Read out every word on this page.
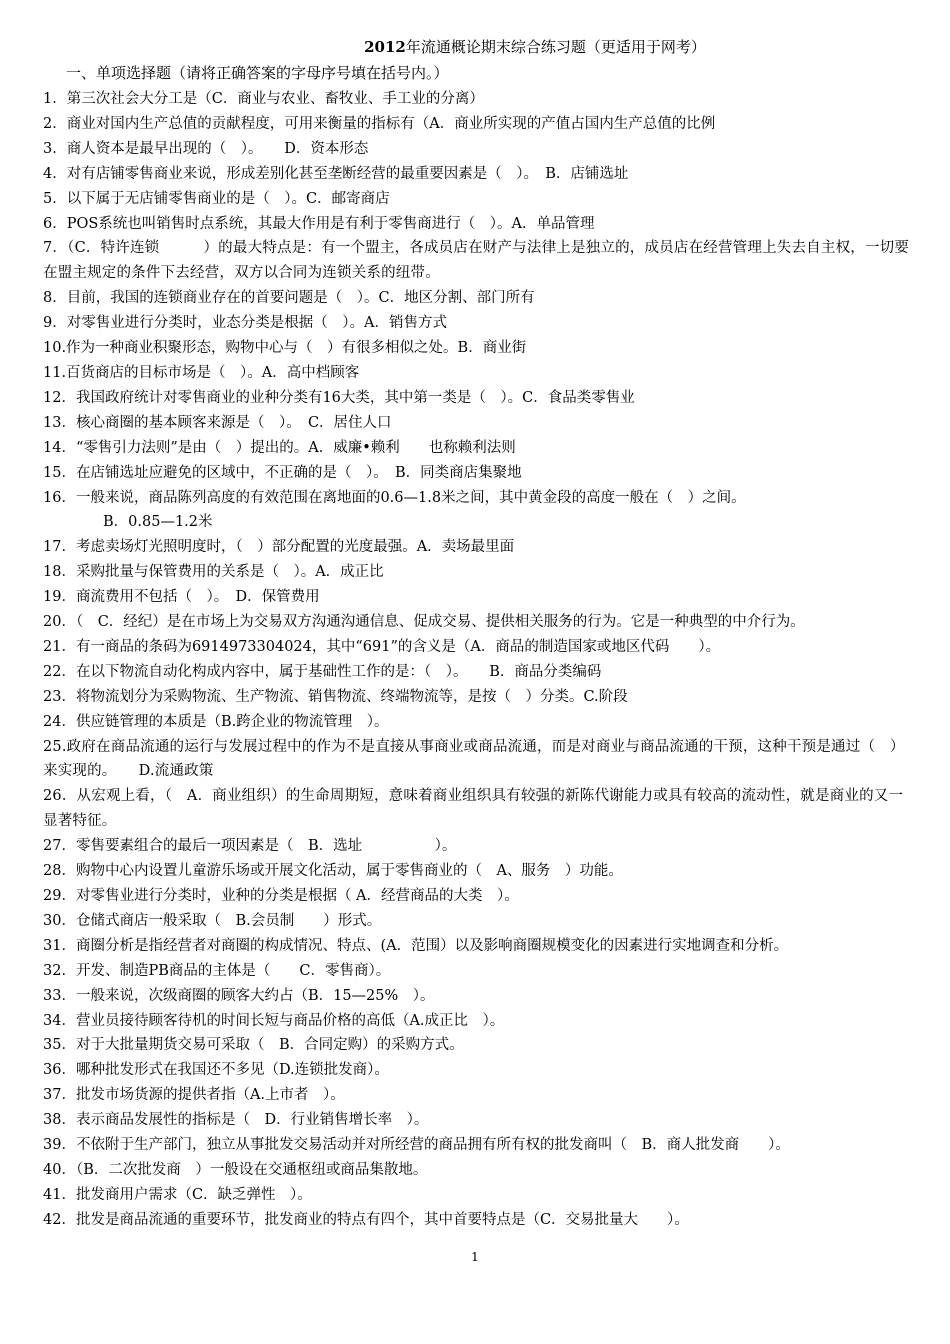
2012年流通概论期末综合练习题（更适用于网考）
一、单项选择题（请将正确答案的字母序号填在括号内。）
1．第三次社会大分工是（C．商业与农业、畜牧业、手工业的分离）
2．商业对国内生产总值的贡献程度，可用来衡量的指标有（A．商业所实现的产值占国内生产总值的比例
3．商人资本是最早出现的（　）。　　D．资本形态
4．对有店铺零售商业来说，形成差别化甚至垄断经营的最重要因素是（　）。　B．店铺选址
5．以下属于无店铺零售商业的是（　）。C．邮寄商店
6．POS系统也叫销售时点系统，其最大作用是有利于零售商进行（　）。A．单品管理
7．（C．特许连锁　　　）的最大特点是：有一个盟主，各成员店在财产与法律上是独立的，成员店在经营管理上失去自主权，一切要在盟主规定的条件下去经营，双方以合同为连锁关系的纽带。
8．目前，我国的连锁商业存在的首要问题是（　）。C．地区分割、部门所有
9．对零售业进行分类时，业态分类是根据（　）。A．销售方式
10.作为一种商业积聚形态，购物中心与（　）有很多相似之处。B．商业街
11.百货商店的目标市场是（　）。A．高中档顾客
12．我国政府统计对零售商业的业种分类有16大类，其中第一类是（　）。C．食品类零售业
13．核心商圈的基本顾客来源是（　）。　C．居住人口
14．“零售引力法则”是由（　）提出的。A．威廉•赖利　　也称赖利法则
15．在店铺选址应避免的区域中，不正确的是（　）。　B．同类商店集聚地
16．一般来说，商品陈列高度的有效范围在离地面的0.6—1.8米之间，其中黄金段的高度一般在（　）之间。
B．0.85—1.2米
17．考虑卖场灯光照明度时，（　）部分配置的光度最强。A．卖场最里面
18．采购批量与保管费用的关系是（　）。A．成正比
19．商流费用不包括（　）。　D．保管费用
20．（　C．经纪）是在市场上为交易双方沟通沟通信息、促成交易、提供相关服务的行为。它是一种典型的中介行为。
21．有一商品的条码为6914973304024，其中“691”的含义是（A．商品的制造国家或地区代码　　）。
22．在以下物流自动化构成内容中，属于基础性工作的是：（　）。　　B．商品分类编码
23．将物流划分为采购物流、生产物流、销售物流、终端物流等，是按（　）分类。C.阶段
24．供应链管理的本质是（B.跨企业的物流管理　）。
25.政府在商品流通的运行与发展过程中的作为不是直接从事商业或商品流通，而是对商业与商品流通的干预，这种干预是通过（　）来实现的。　　D.流通政策
26．从宏观上看，（　A．商业组织）的生命周期短，意味着商业组织具有较强的新陈代谢能力或具有较高的流动性，就是商业的又一显著特征。
27．零售要素组合的最后一项因素是（　B．选址　　　　　）。
28．购物中心内设置儿童游乐场或开展文化活动，属于零售商业的（　A、服务　）功能。
29．对零售业进行分类时，业种的分类是根据（ A．经营商品的大类　）。
30．仓储式商店一般采取（　B.会员制　　）形式。
31．商圈分析是指经营者对商圈的构成情况、特点、(A．范围）以及影响商圈规模变化的因素进行实地调查和分析。
32．开发、制造PB商品的主体是（　　C．零售商）。
33．一般来说，次级商圈的顾客大约占（B．15—25%　）。
34．营业员接待顾客待机的时间长短与商品价格的高低（A.成正比　）。
35．对于大批量期货交易可采取（　B．合同定购）的采购方式。
36．哪种批发形式在我国还不多见（D.连锁批发商）。
37．批发市场货源的提供者指（A.上市者　）。
38．表示商品发展性的指标是（　D．行业销售增长率　）。
39．不依附于生产部门，独立从事批发交易活动并对所经营的商品拥有所有权的批发商叫（　B．商人批发商　　）。
40．（B．二次批发商　）一般设在交通枢纽或商品集散地。
41．批发商用户需求（C．缺乏弹性　）。
42．批发是商品流通的重要环节，批发商业的特点有四个，其中首要特点是（C．交易批量大　　）。
1
